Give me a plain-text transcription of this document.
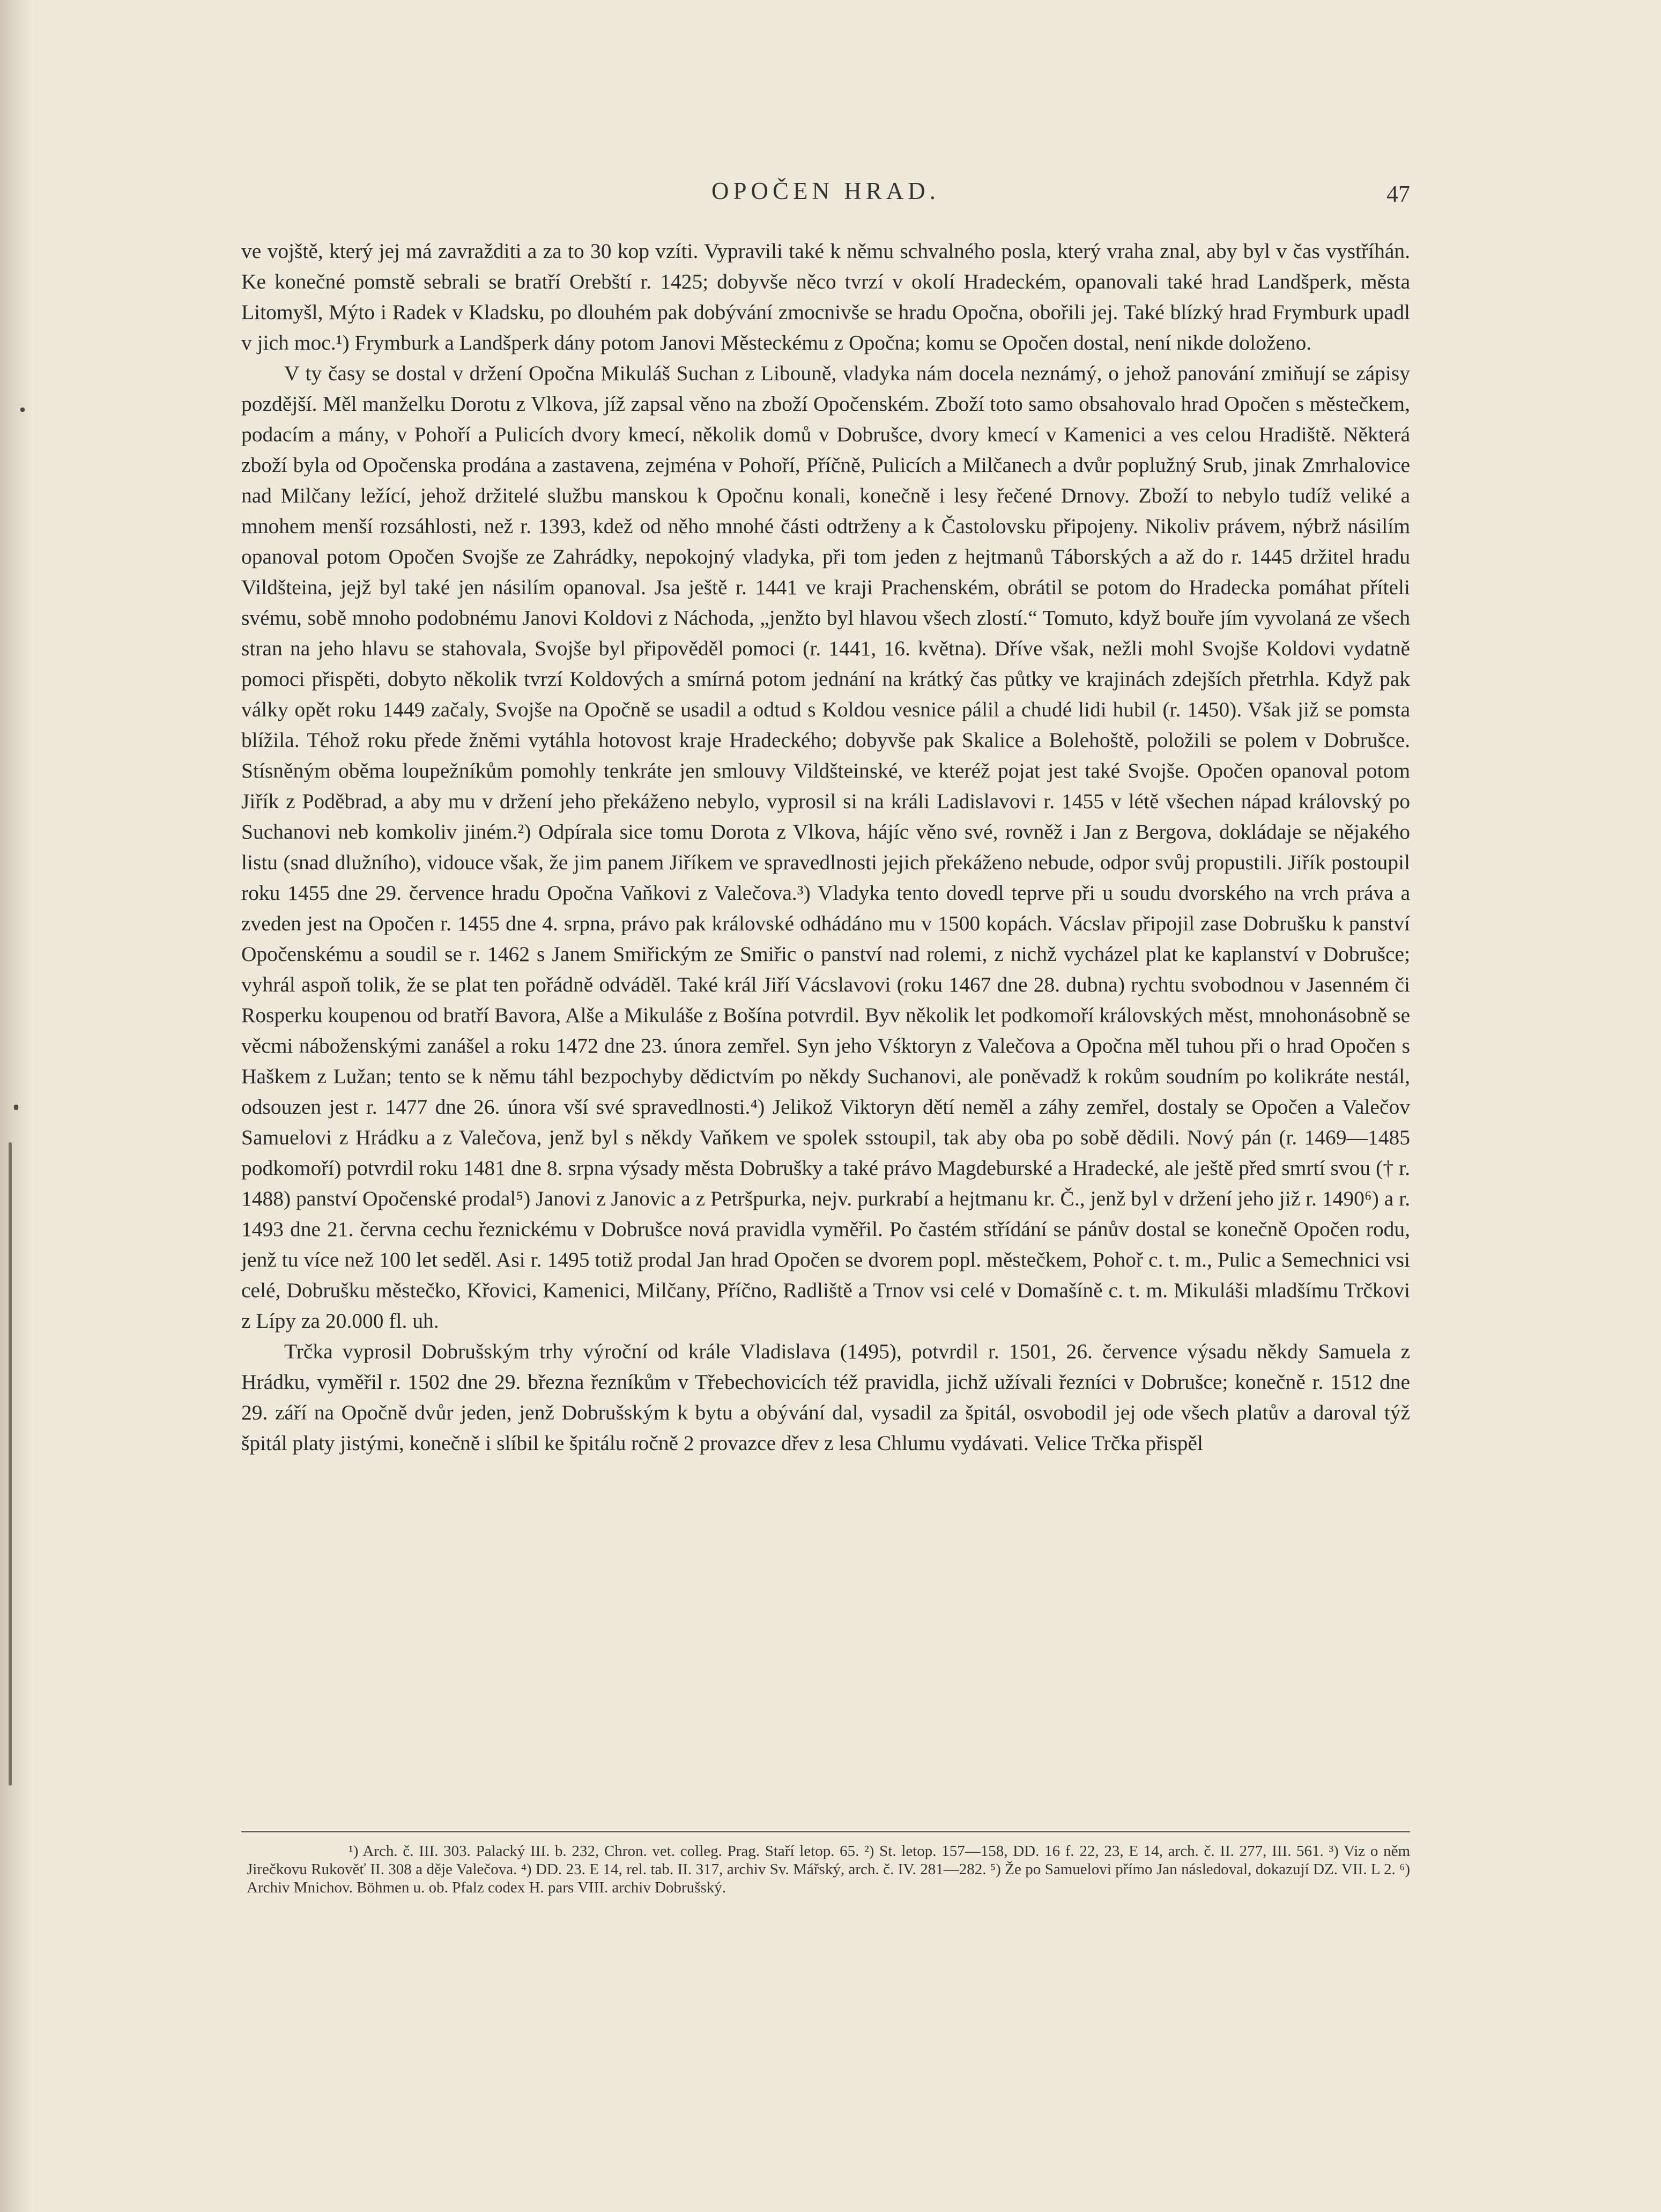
OPOČEN HRAD.	47

ve vojště, který jej má zavražditi a za to 30 kop vzíti. Vypravili také k němu schvalného posla, který vraha znal, aby byl v čas vystříhán. Ke konečné pomstě sebrali se bratří Orebští r. 1425; dobyvše něco tvrzí v okolí Hradeckém, opanovali také hrad Landšperk, města Litomyšl, Mýto i Radek v Kladsku, po dlouhém pak dobývání zmocnivše se hradu Opočna, obořili jej. Také blízký hrad Frymburk upadl v jich moc.¹) Frymburk a Landšperk dány potom Janovi Městeckému z Opočna; komu se Opočen dostal, není nikde doloženo.

V ty časy se dostal v držení Opočna Mikuláš Suchan z Libouně, vladyka nám docela neznámý, o jehož panování zmiňují se zápisy pozdější. Měl manželku Dorotu z Vlkova, jíž zapsal věno na zboží Opočenském. Zboží toto samo obsahovalo hrad Opočen s městečkem, podacím a mány, v Pohoří a Pulicích dvory kmecí, několik domů v Dobrušce, dvory kmecí v Kamenici a ves celou Hradiště. Některá zboží byla od Opočenska prodána a zastavena, zejména v Pohoří, Příčně, Pulicích a Milčanech a dvůr poplužný Srub, jinak Zmrhalovice nad Milčany ležící, jehož držitelé službu manskou k Opočnu konali, konečně i lesy řečené Drnovy. Zboží to nebylo tudíž veliké a mnohem menší rozsáhlosti, než r. 1393, kdež od něho mnohé části odtrženy a k Častolovsku připojeny. Nikoliv právem, nýbrž násilím opanoval potom Opočen Svojše ze Zahrádky, nepokojný vladyka, při tom jeden z hejtmanů Táborských a až do r. 1445 držitel hradu Vildšteina, jejž byl také jen násilím opanoval. Jsa ještě r. 1441 ve kraji Prachenském, obrátil se potom do Hradecka pomáhat příteli svému, sobě mnoho podobnému Janovi Koldovi z Náchoda, „jenžto byl hlavou všech zlostí.“ Tomuto, když bouře jím vyvolaná ze všech stran na jeho hlavu se stahovala, Svojše byl připověděl pomoci (r. 1441, 16. května). Dříve však, nežli mohl Svojše Koldovi vydatně pomoci přispěti, dobyto několik tvrzí Koldových a smírná potom jednání na krátký čas půtky ve krajinách zdejších přetrhla. Když pak války opět roku 1449 začaly, Svojše na Opočně se usadil a odtud s Koldou vesnice pálil a chudé lidi hubil (r. 1450). Však již se pomsta blížila. Téhož roku přede žněmi vytáhla hotovost kraje Hradeckého; dobyvše pak Skalice a Bolehoště, položili se polem v Dobrušce. Stísněným oběma loupežníkům pomohly tenkráte jen smlouvy Vildšteinské, ve kteréž pojat jest také Svojše. Opočen opanoval potom Jiřík z Poděbrad, a aby mu v držení jeho překáženo nebylo, vyprosil si na králi Ladislavovi r. 1455 v létě všechen nápad královský po Suchanovi neb komkoliv jiném.²) Odpírala sice tomu Dorota z Vlkova, hájíc věno své, rovněž i Jan z Bergova, dokládaje se nějakého listu (snad dlužního), vidouce však, že jim panem Jiříkem ve spravedlnosti jejich překáženo nebude, odpor svůj propustili. Jiřík postoupil roku 1455 dne 29. července hradu Opočna Vaňkovi z Valečova.³) Vladyka tento dovedl teprve při u soudu dvorského na vrch práva a zveden jest na Opočen r. 1455 dne 4. srpna, právo pak královské odhádáno mu v 1500 kopách. Vácslav připojil zase Dobrušku k panství Opočenskému a soudil se r. 1462 s Janem Smiřickým ze Smiřic o panství nad rolemi, z nichž vycházel plat ke kaplanství v Dobrušce; vyhrál aspoň tolik, že se plat ten pořádně odváděl. Také král Jiří Vácslavovi (roku 1467 dne 28. dubna) rychtu svobodnou v Jasenném či Rosperku koupenou od bratří Bavora, Alše a Mikuláše z Bošína potvrdil. Byv několik let podkomoří královských měst, mnohonásobně se věcmi náboženskými zanášel a roku 1472 dne 23. února zemřel. Syn jeho Vśktoryn z Valečova a Opočna měl tuhou při o hrad Opočen s Haškem z Lužan; tento se k němu táhl bezpochyby dědictvím po někdy Suchanovi, ale poněvadž k rokům soudním po kolikráte nestál, odsouzen jest r. 1477 dne 26. února vší své spravedlnosti.⁴) Jelikož Viktoryn dětí neměl a záhy zemřel, dostaly se Opočen a Valečov Samuelovi z Hrádku a z Valečova, jenž byl s někdy Vaňkem ve spolek sstoupil, tak aby oba po sobě dědili. Nový pán (r. 1469—1485 podkomoří) potvrdil roku 1481 dne 8. srpna výsady města Dobrušky a také právo Magdeburské a Hradecké, ale ještě před smrtí svou († r. 1488) panství Opočenské prodal⁵) Janovi z Janovic a z Petršpurka, nejv. purkrabí a hejtmanu kr. Č., jenž byl v držení jeho již r. 1490⁶) a r. 1493 dne 21. června cechu řeznickému v Dobrušce nová pravidla vyměřil. Po častém střídání se pánův dostal se konečně Opočen rodu, jenž tu více než 100 let seděl. Asi r. 1495 totiž prodal Jan hrad Opočen se dvorem popl. městečkem, Pohoř c. t. m., Pulic a Semechnici vsi celé, Dobrušku městečko, Křovici, Kamenici, Milčany, Příčno, Radliště a Trnov vsi celé v Domašíně c. t. m. Mikuláši mladšímu Trčkovi z Lípy za 20.000 fl. uh.

Trčka vyprosil Dobrušským trhy výroční od krále Vladislava (1495), potvrdil r. 1501, 26. července výsadu někdy Samuela z Hrádku, vyměřil r. 1502 dne 29. března řezníkům v Třebechovicích též pravidla, jichž užívali řezníci v Dobrušce; konečně r. 1512 dne 29. září na Opočně dvůr jeden, jenž Dobrušským k bytu a obývání dal, vysadil za špitál, osvobodil jej ode všech platův a daroval týž špitál platy jistými, konečně i slíbil ke špitálu ročně 2 provazce dřev z lesa Chlumu vydávati. Velice Trčka přispěl

¹) Arch. č. III. 303. Palacký III. b. 232, Chron. vet. colleg. Prag. Staří letop. 65. ²) St. letop. 157—158, DD. 16 f. 22, 23, E 14, arch. č. II. 277, III. 561. ³) Viz o něm Jirečkovu Rukověť II. 308 a děje Valečova. ⁴) DD. 23. E 14, rel. tab. II. 317, archiv Sv. Mářský, arch. č. IV. 281—282. ⁵) Že po Samuelovi přímo Jan následoval, dokazují DZ. VII. L 2. ⁶) Archiv Mnichov. Böhmen u. ob. Pfalz codex H. pars VIII. archiv Dobrušský.
